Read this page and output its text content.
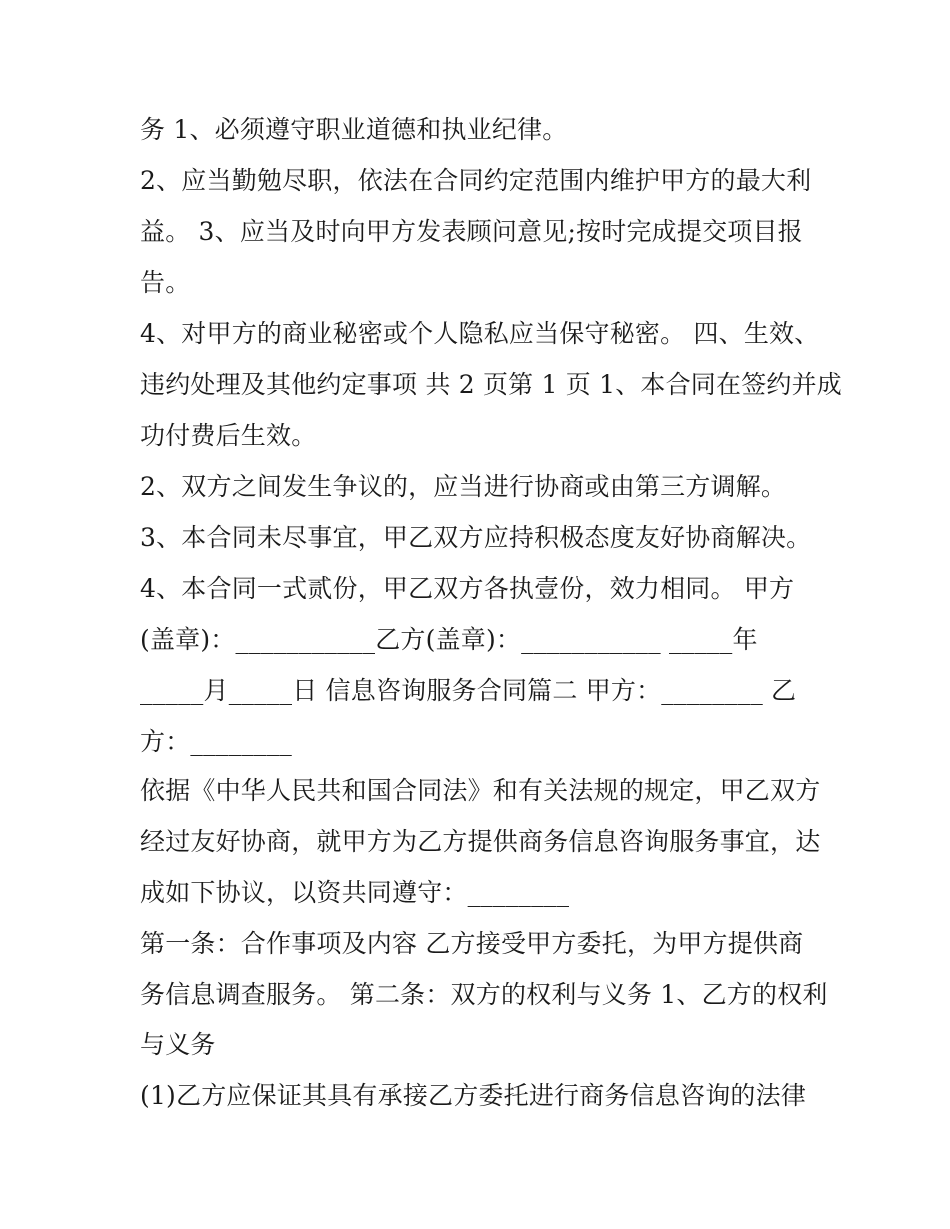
务 1、必须遵守职业道德和执业纪律。
2、应当勤勉尽职，依法在合同约定范围内维护甲方的最大利
益。 3、应当及时向甲方发表顾问意见;按时完成提交项目报
告。
4、对甲方的商业秘密或个人隐私应当保守秘密。 四、生效、
违约处理及其他约定事项 共 2 页第 1 页 1、本合同在签约并成
功付费后生效。
2、双方之间发生争议的，应当进行协商或由第三方调解。
3、本合同未尽事宜，甲乙双方应持积极态度友好协商解决。
4、本合同一式贰份，甲乙双方各执壹份，效力相同。 甲方
(盖章)：___________乙方(盖章)：___________ _____年
_____月_____日 信息咨询服务合同篇二 甲方：________ 乙
方：________
依据《中华人民共和国合同法》和有关法规的规定，甲乙双方
经过友好协商，就甲方为乙方提供商务信息咨询服务事宜，达
成如下协议，以资共同遵守：________
第一条：合作事项及内容 乙方接受甲方委托，为甲方提供商
务信息调查服务。 第二条：双方的权利与义务 1、乙方的权利
与义务
(1)乙方应保证其具有承接乙方委托进行商务信息咨询的法律
